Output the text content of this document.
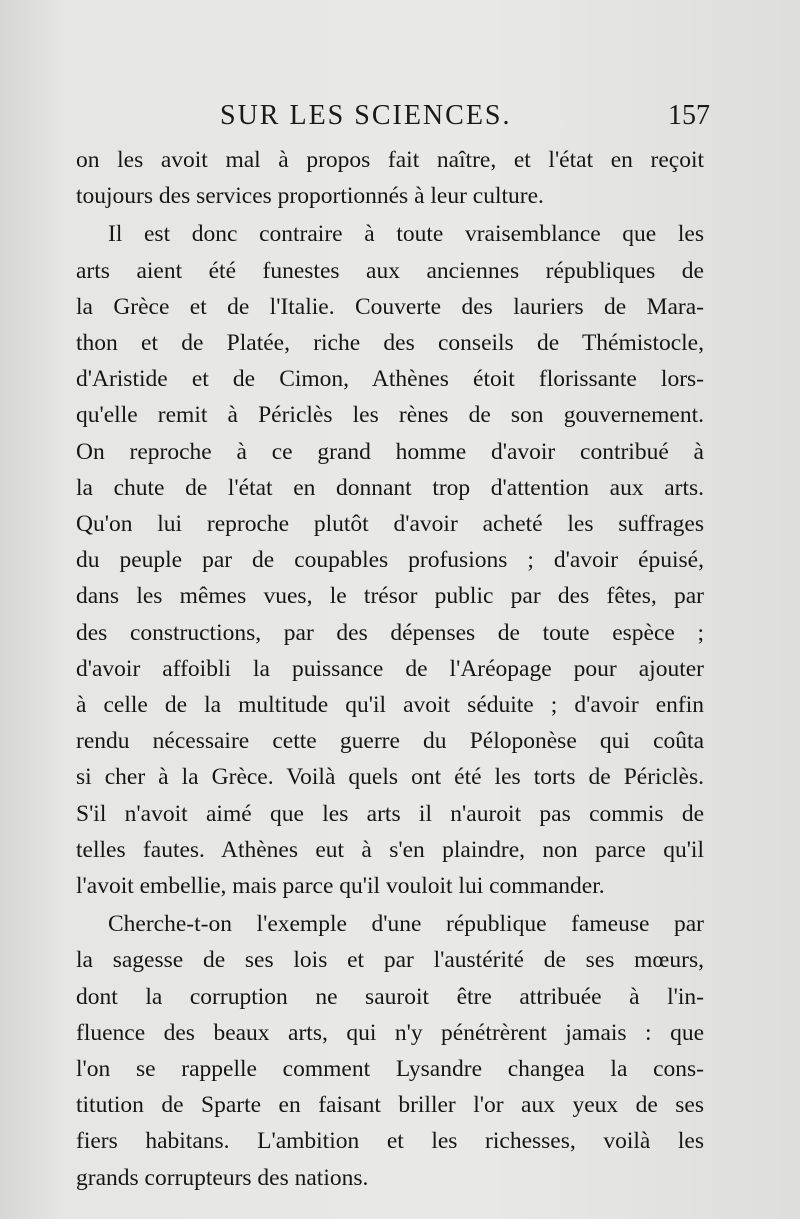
SUR LES SCIENCES.	157
on les avoit mal à propos fait naître, et l'état en reçoit
toujours des services proportionnés à leur culture.
Il est donc contraire à toute vraisemblance que les
arts aient été funestes aux anciennes républiques de
la Grèce et de l'Italie. Couverte des lauriers de Mara-
thon et de Platée, riche des conseils de Thémistocle,
d'Aristide et de Cimon, Athènes étoit florissante lors-
qu'elle remit à Périclès les rènes de son gouvernement.
On reproche à ce grand homme d'avoir contribué à
la chute de l'état en donnant trop d'attention aux arts.
Qu'on lui reproche plutôt d'avoir acheté les suffrages
du peuple par de coupables profusions ; d'avoir épuisé,
dans les mêmes vues, le trésor public par des fêtes, par
des constructions, par des dépenses de toute espèce ;
d'avoir affoibli la puissance de l'Aréopage pour ajouter
à celle de la multitude qu'il avoit séduite ; d'avoir enfin
rendu nécessaire cette guerre du Péloponèse qui coûta
si cher à la Grèce. Voilà quels ont été les torts de Périclès.
S'il n'avoit aimé que les arts il n'auroit pas commis de
telles fautes. Athènes eut à s'en plaindre, non parce qu'il
l'avoit embellie, mais parce qu'il vouloit lui commander.
Cherche-t-on l'exemple d'une république fameuse par
la sagesse de ses lois et par l'austérité de ses mœurs,
dont la corruption ne sauroit être attribuée à l'in-
fluence des beaux arts, qui n'y pénétrèrent jamais : que
l'on se rappelle comment Lysandre changea la cons-
titution de Sparte en faisant briller l'or aux yeux de ses
fiers habitans. L'ambition et les richesses, voilà les
grands corrupteurs des nations.
